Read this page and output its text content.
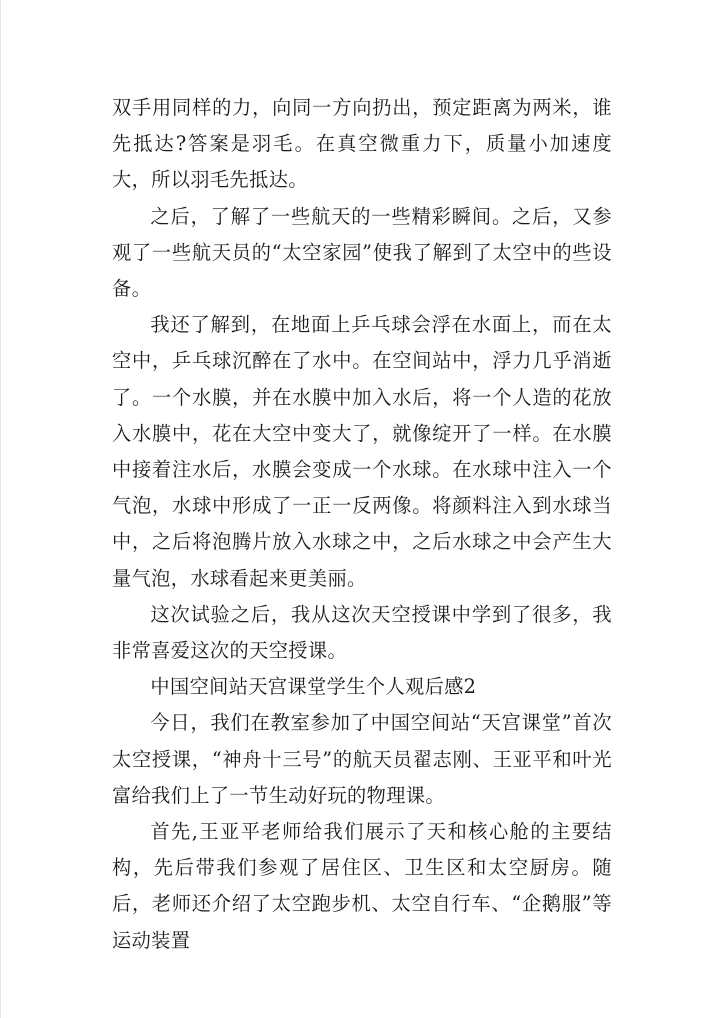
双手用同样的力，向同一方向扔出，预定距离为两米，谁先抵达?答案是羽毛。在真空微重力下，质量小加速度大，所以羽毛先抵达。

之后，了解了一些航天的一些精彩瞬间。之后，又参观了一些航天员的“太空家园”使我了解到了太空中的些设备。

我还了解到，在地面上乒乓球会浮在水面上，而在太空中，乒乓球沉醉在了水中。在空间站中，浮力几乎消逝了。一个水膜，并在水膜中加入水后，将一个人造的花放入水膜中，花在大空中变大了，就像绽开了一样。在水膜中接着注水后，水膜会变成一个水球。在水球中注入一个气泡，水球中形成了一正一反两像。将颜料注入到水球当中，之后将泡腾片放入水球之中，之后水球之中会产生大量气泡，水球看起来更美丽。

这次试验之后，我从这次天空授课中学到了很多，我非常喜爱这次的天空授课。

中国空间站天宫课堂学生个人观后感2

今日，我们在教室参加了中国空间站“天宫课堂”首次太空授课，“神舟十三号”的航天员翟志刚、王亚平和叶光富给我们上了一节生动好玩的物理课。

首先,王亚平老师给我们展示了天和核心舱的主要结构，先后带我们参观了居住区、卫生区和太空厨房。随后，老师还介绍了太空跑步机、太空自行车、“企鹅服”等运动装置
